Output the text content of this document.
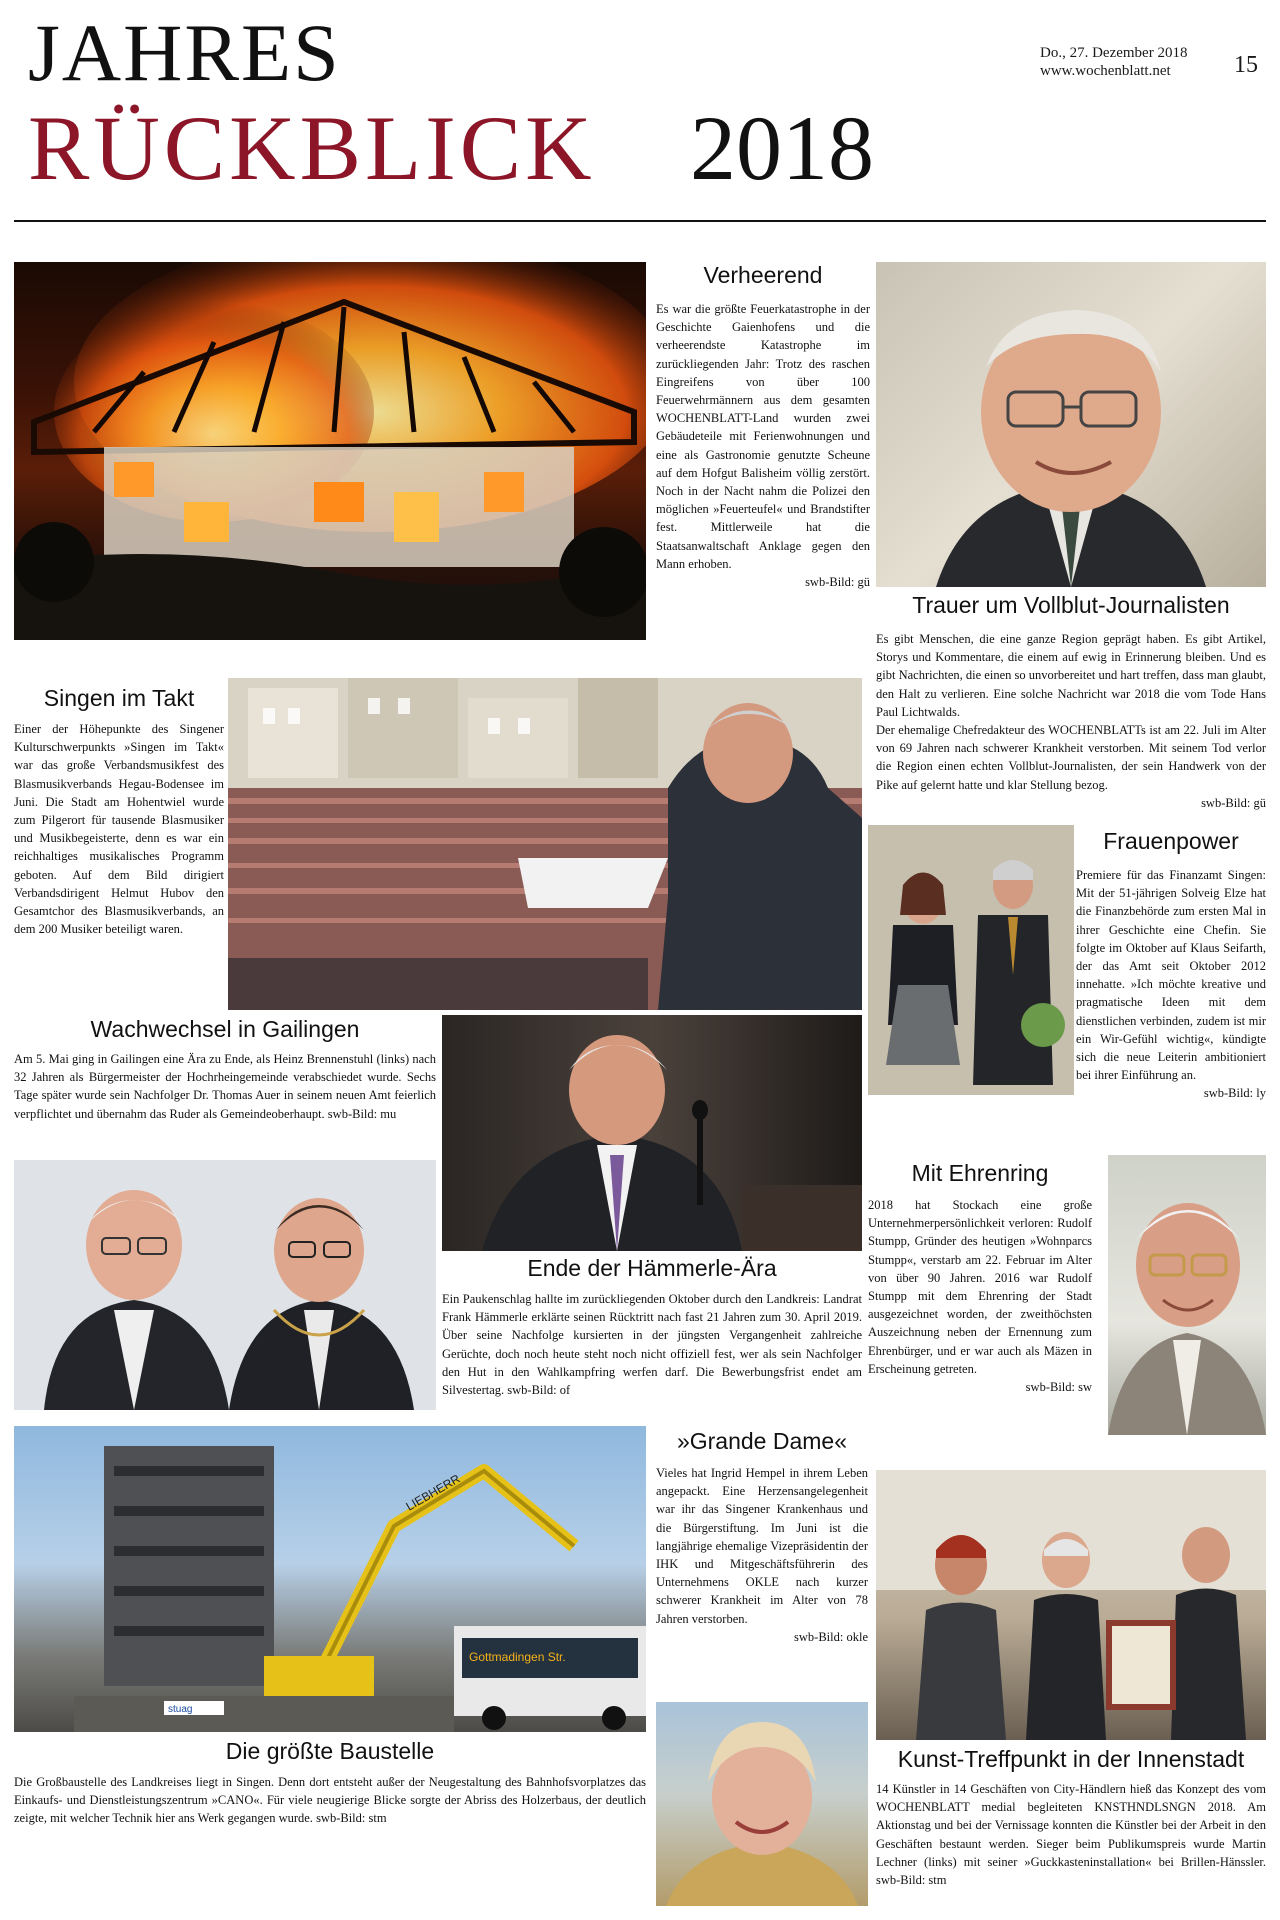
JAHRES
RÜCKBLICK 2018
Do., 27. Dezember 2018
www.wochenblatt.net	15
Verheerend
Es war die größte Feuerkatastrophe in der Geschichte Gaienhofens und die verheerendste Katastrophe im zurückliegenden Jahr: Trotz des raschen Eingreifens von über 100 Feuerwehrmännern aus dem gesamten WOCHENBLATT-Land wurden zwei Gebäudeteile mit Ferienwohnungen und eine als Gastronomie genutzte Scheune auf dem Hofgut Balisheim völlig zerstört. Noch in der Nacht nahm die Polizei den möglichen »Feuerteufel« und Brandstifter fest. Mittlerweile hat die Staatsanwaltschaft Anklage gegen den Mann erhoben.
swb-Bild: gü
Trauer um Vollblut-Journalisten
Es gibt Menschen, die eine ganze Region geprägt haben. Es gibt Artikel, Storys und Kommentare, die einem auf ewig in Erinnerung bleiben. Und es gibt Nachrichten, die einen so unvorbereitet und hart treffen, dass man glaubt, den Halt zu verlieren. Eine solche Nachricht war 2018 die vom Tode Hans Paul Lichtwalds.
Der ehemalige Chefredakteur des WOCHENBLATTs ist am 22. Juli im Alter von 69 Jahren nach schwerer Krankheit verstorben. Mit seinem Tod verlor die Region einen echten Vollblut-Journalisten, der sein Handwerk von der Pike auf gelernt hatte und klar Stellung bezog.
swb-Bild: gü
Singen im Takt
Einer der Höhepunkte des Singener Kulturschwerpunkts »Singen im Takt« war das große Verbandsmusikfest des Blasmusikverbands Hegau-Bodensee im Juni. Die Stadt am Hohentwiel wurde zum Pilgerort für tausende Blasmusiker und Musikbegeisterte, denn es war ein reichhaltiges musikalisches Programm geboten. Auf dem Bild dirigiert Verbandsdirigent Helmut Hubov den Gesamtchor des Blasmusikverbands, an dem 200 Musiker beteiligt waren.
Frauenpower
Premiere für das Finanzamt Singen: Mit der 51-jährigen Solveig Elze hat die Finanzbehörde zum ersten Mal in ihrer Geschichte eine Chefin. Sie folgte im Oktober auf Klaus Seifarth, der das Amt seit Oktober 2012 innehatte. »Ich möchte kreative und pragmatische Ideen mit dem dienstlichen verbinden, zudem ist mir ein Wir-Gefühl wichtig«, kündigte sich die neue Leiterin ambitioniert bei ihrer Einführung an.
swb-Bild: ly
Wachwechsel in Gailingen
Am 5. Mai ging in Gailingen eine Ära zu Ende, als Heinz Brennenstuhl (links) nach 32 Jahren als Bürgermeister der Hochrheingemeinde verabschiedet wurde. Sechs Tage später wurde sein Nachfolger Dr. Thomas Auer in seinem neuen Amt feierlich verpflichtet und übernahm das Ruder als Gemeindeoberhaupt. swb-Bild: mu
Ende der Hämmerle-Ära
Ein Paukenschlag hallte im zurückliegenden Oktober durch den Landkreis: Landrat Frank Hämmerle erklärte seinen Rücktritt nach fast 21 Jahren zum 30. April 2019. Über seine Nachfolge kursierten in der jüngsten Vergangenheit zahlreiche Gerüchte, doch noch heute steht noch nicht offiziell fest, wer als sein Nachfolger den Hut in den Wahlkampfring werfen darf. Die Bewerbungsfrist endet am Silvestertag. swb-Bild: of
Mit Ehrenring
2018 hat Stockach eine große Unternehmerpersönlichkeit verloren: Rudolf Stumpp, Gründer des heutigen »Wohnparcs Stumpp«, verstarb am 22. Februar im Alter von über 90 Jahren. 2016 war Rudolf Stumpp mit dem Ehrenring der Stadt ausgezeichnet worden, der zweithöchsten Auszeichnung neben der Ernennung zum Ehrenbürger, und er war auch als Mäzen in Erscheinung getreten.
swb-Bild: sw
LIEBHERR
Gottmadingen Str.
stuag
Die größte Baustelle
Die Großbaustelle des Landkreises liegt in Singen. Denn dort entsteht außer der Neugestaltung des Bahnhofsvorplatzes das Einkaufs- und Dienstleistungszentrum »CANO«. Für viele neugierige Blicke sorgte der Abriss des Holzerbaus, der deutlich zeigte, mit welcher Technik hier ans Werk gegangen wurde. swb-Bild: stm
»Grande Dame«
Vieles hat Ingrid Hempel in ihrem Leben angepackt. Eine Herzensangelegenheit war ihr das Singener Krankenhaus und die Bürgerstiftung. Im Juni ist die langjährige ehemalige Vizepräsidentin der IHK und Mitgeschäftsführerin des Unternehmens OKLE nach kurzer schwerer Krankheit im Alter von 78 Jahren verstorben.
swb-Bild: okle
Kunst-Treffpunkt in der Innenstadt
14 Künstler in 14 Geschäften von City-Händlern hieß das Konzept des vom WOCHENBLATT medial begleiteten KNSTHNDLSNGN 2018. Am Aktionstag und bei der Vernissage konnten die Künstler bei der Arbeit in den Geschäften bestaunt werden. Sieger beim Publikumspreis wurde Martin Lechner (links) mit seiner »Guckkasteninstallation« bei Brillen-Hänssler. swb-Bild: stm
